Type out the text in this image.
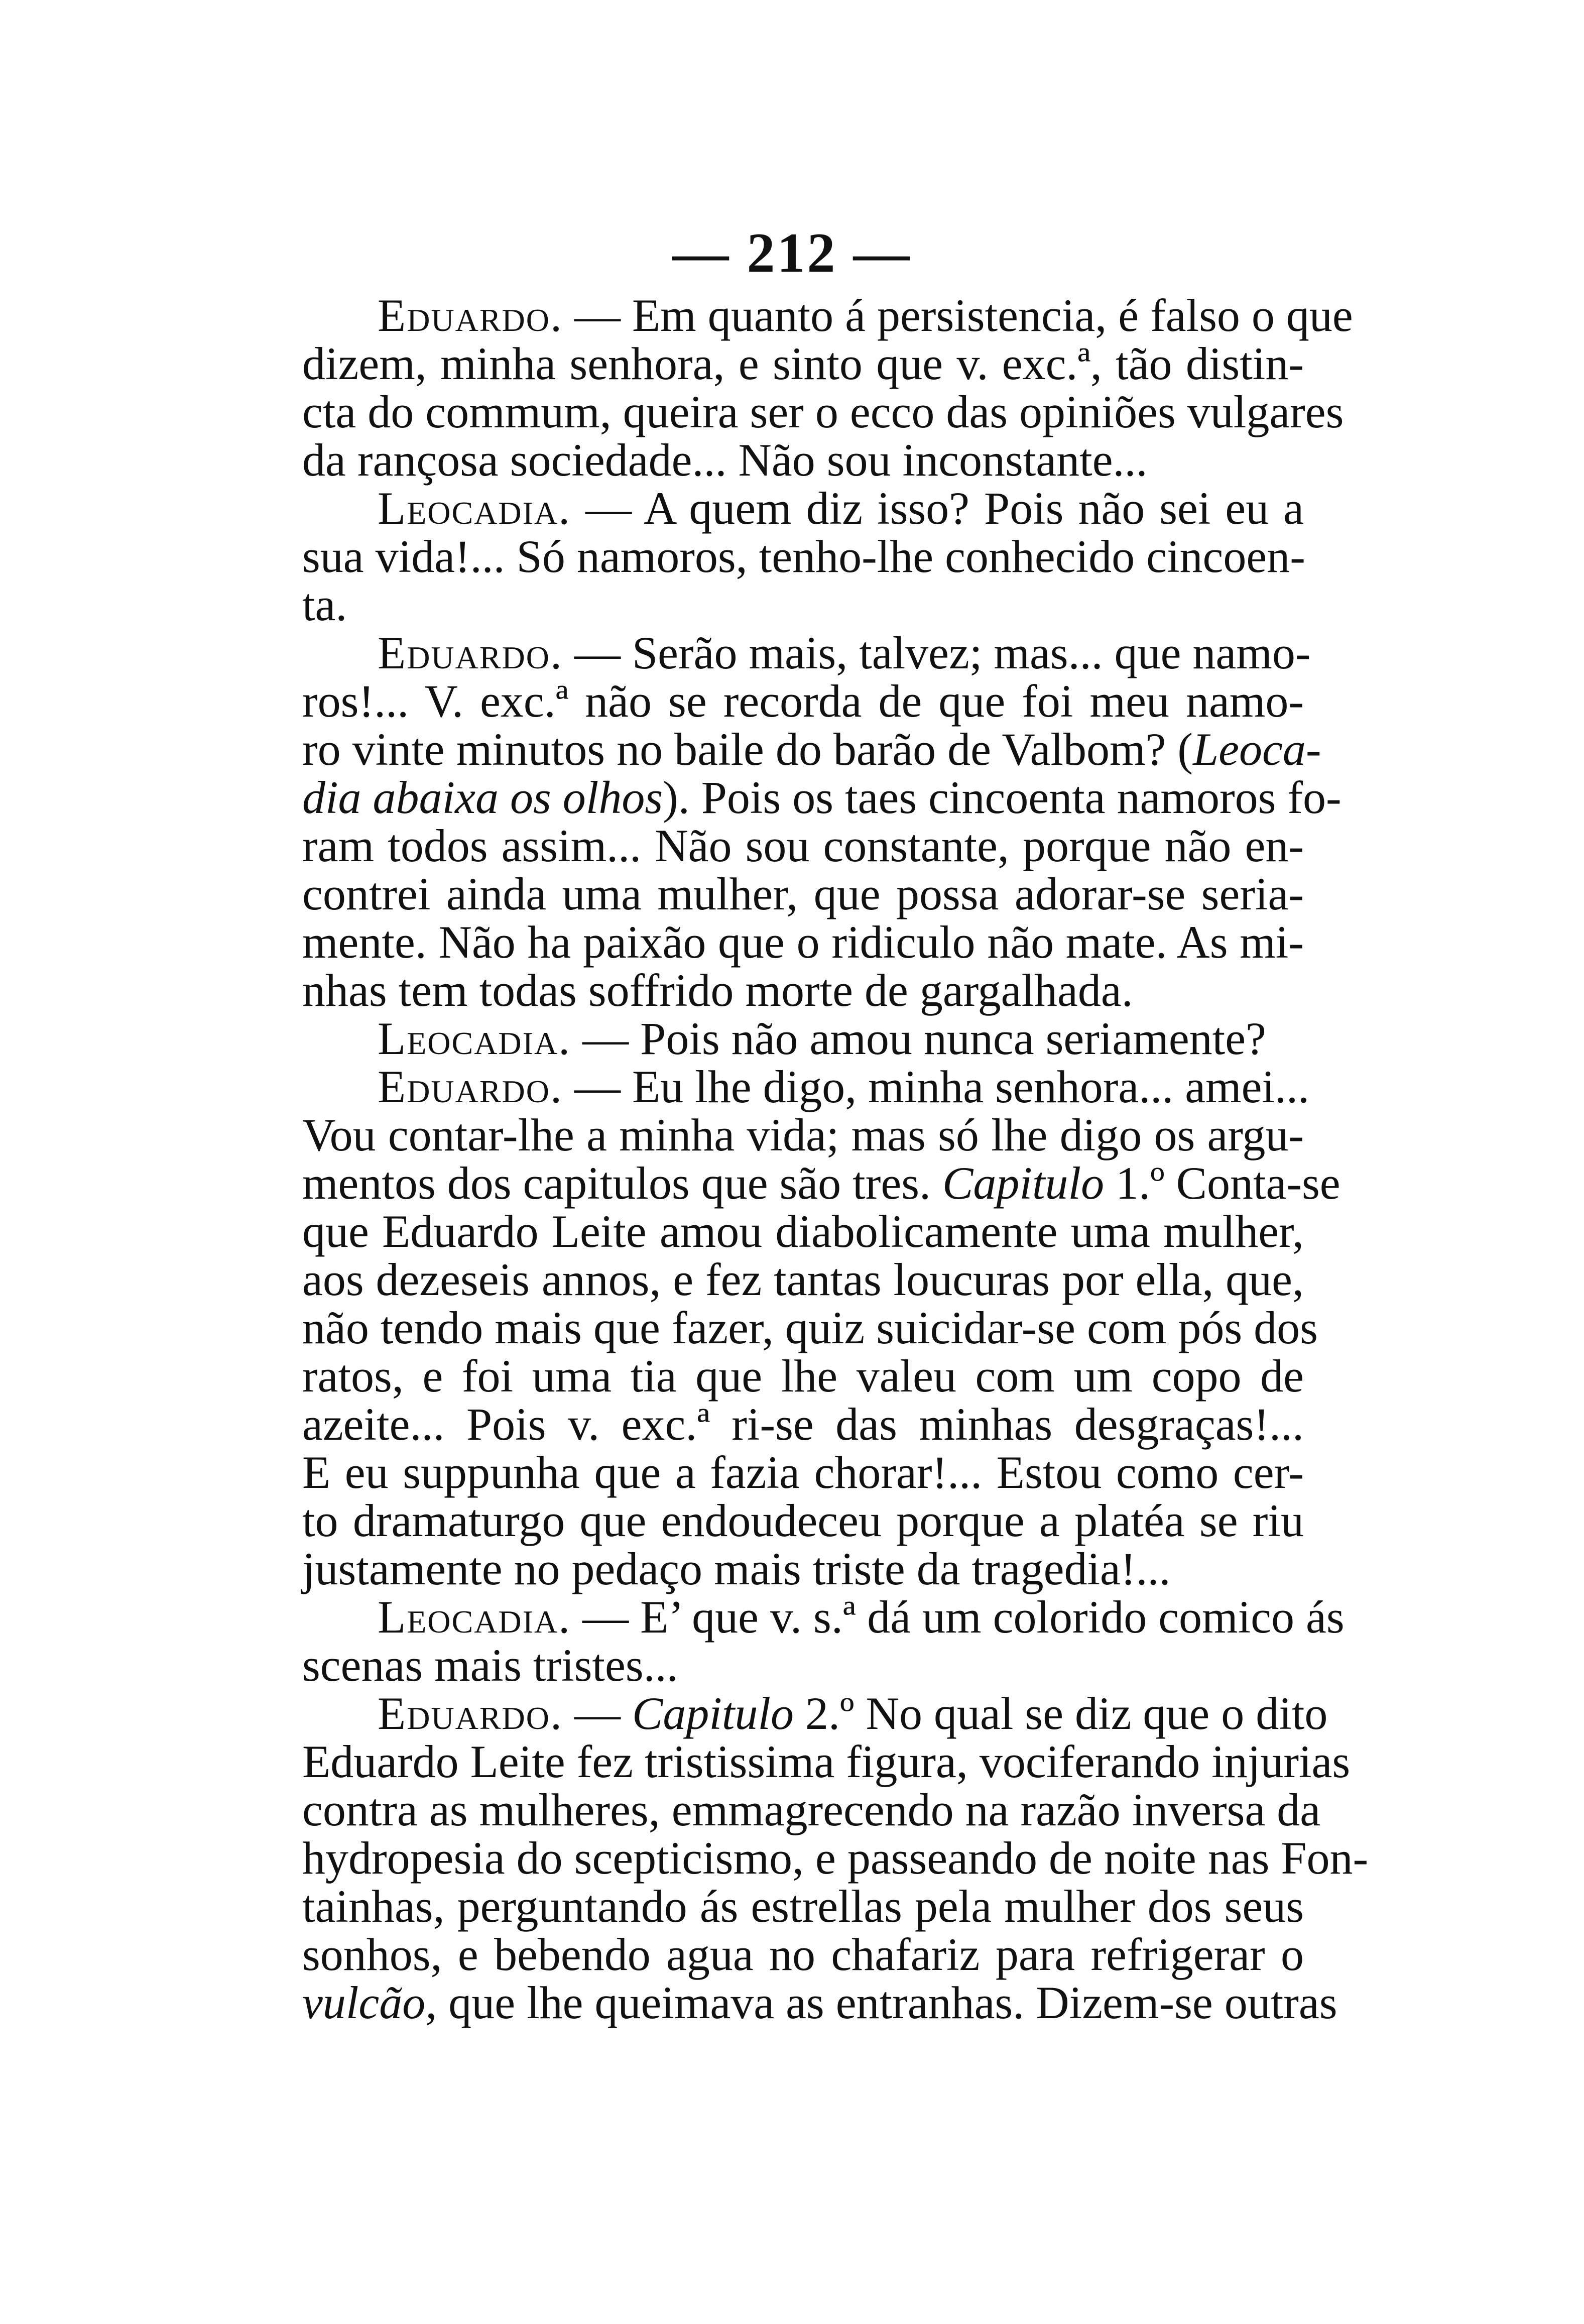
— 212 —
Eduardo. — Em quanto á persistencia, é falso o que
dizem, minha senhora, e sinto que v. exc.ª, tão distin-
cta do commum, queira ser o ecco das opiniões vulgares
da rançosa sociedade... Não sou inconstante...
Leocadia. — A quem diz isso? Pois não sei eu a
sua vida!... Só namoros, tenho-lhe conhecido cincoen-
ta.
Eduardo. — Serão mais, talvez; mas... que namo-
ros!... V. exc.ª não se recorda de que foi meu namo-
ro vinte minutos no baile do barão de Valbom? (Leoca-
dia abaixa os olhos). Pois os taes cincoenta namoros fo-
ram todos assim... Não sou constante, porque não en-
contrei ainda uma mulher, que possa adorar-se seria-
mente. Não ha paixão que o ridiculo não mate. As mi-
nhas tem todas soffrido morte de gargalhada.
Leocadia. — Pois não amou nunca seriamente?
Eduardo. — Eu lhe digo, minha senhora... amei...
Vou contar-lhe a minha vida; mas só lhe digo os argu-
mentos dos capitulos que são tres. Capitulo 1.º Conta-se
que Eduardo Leite amou diabolicamente uma mulher,
aos dezeseis annos, e fez tantas loucuras por ella, que,
não tendo mais que fazer, quiz suicidar-se com pós dos
ratos, e foi uma tia que lhe valeu com um copo de
azeite... Pois v. exc.ª ri-se das minhas desgraças!...
E eu suppunha que a fazia chorar!... Estou como cer-
to dramaturgo que endoudeceu porque a platéa se riu
justamente no pedaço mais triste da tragedia!...
Leocadia. — E’ que v. s.ª dá um colorido comico ás
scenas mais tristes...
Eduardo. — Capitulo 2.º No qual se diz que o dito
Eduardo Leite fez tristissima figura, vociferando injurias
contra as mulheres, emmagrecendo na razão inversa da
hydropesia do scepticismo, e passeando de noite nas Fon-
tainhas, perguntando ás estrellas pela mulher dos seus
sonhos, e bebendo agua no chafariz para refrigerar o
vulcão, que lhe queimava as entranhas. Dizem-se outras
